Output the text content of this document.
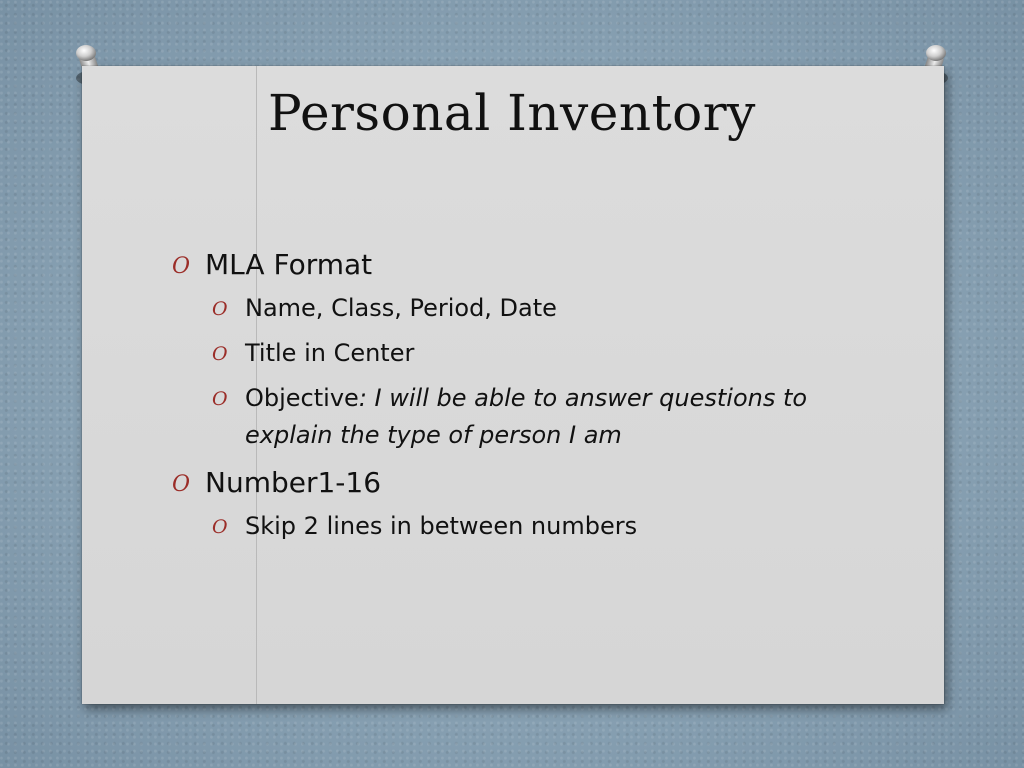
Personal Inventory
O MLA Format
O Name, Class, Period, Date
O Title in Center
O Objective: I will be able to answer questions to explain the type of person I am
O Number1-16
O Skip 2 lines in between numbers
